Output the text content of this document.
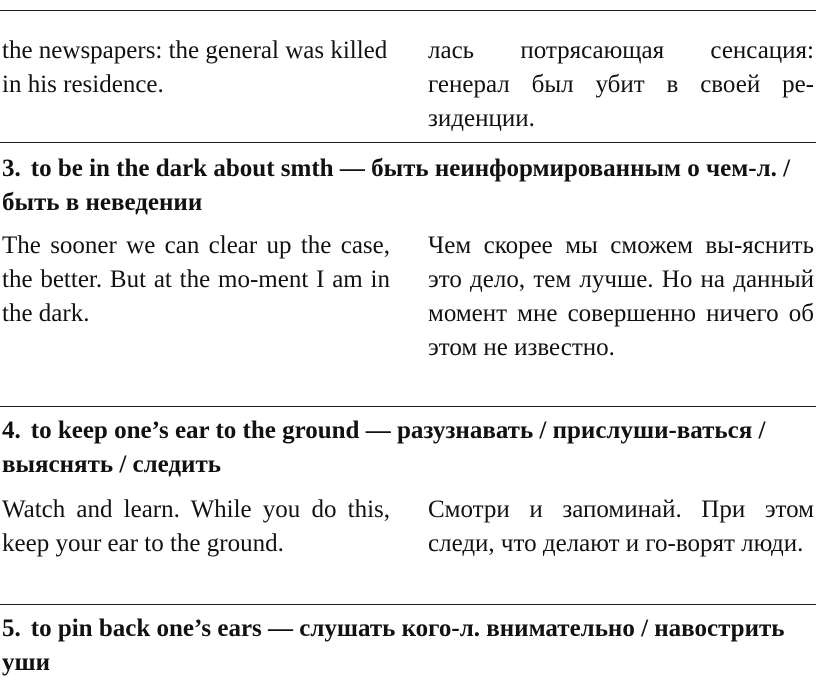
the newspapers: the general was killed in his residence.

лась потрясающая сенсация: генерал был убит в своей ре-зиденции.

3. to be in the dark about smth — быть неинформированным о чем-л. / быть в неведении

The sooner we can clear up the case, the better. But at the mo-ment I am in the dark.

Чем скорее мы сможем вы-яснить это дело, тем лучше. Но на данный момент мне совершенно ничего об этом не известно.

4. to keep one’s ear to the ground — разузнавать / прислуши-ваться / выяснять / следить

Watch and learn. While you do this, keep your ear to the ground.

Смотри и запоминай. При этом следи, что делают и го-ворят люди.

5. to pin back one’s ears — слушать кого-л. внимательно / навострить уши
